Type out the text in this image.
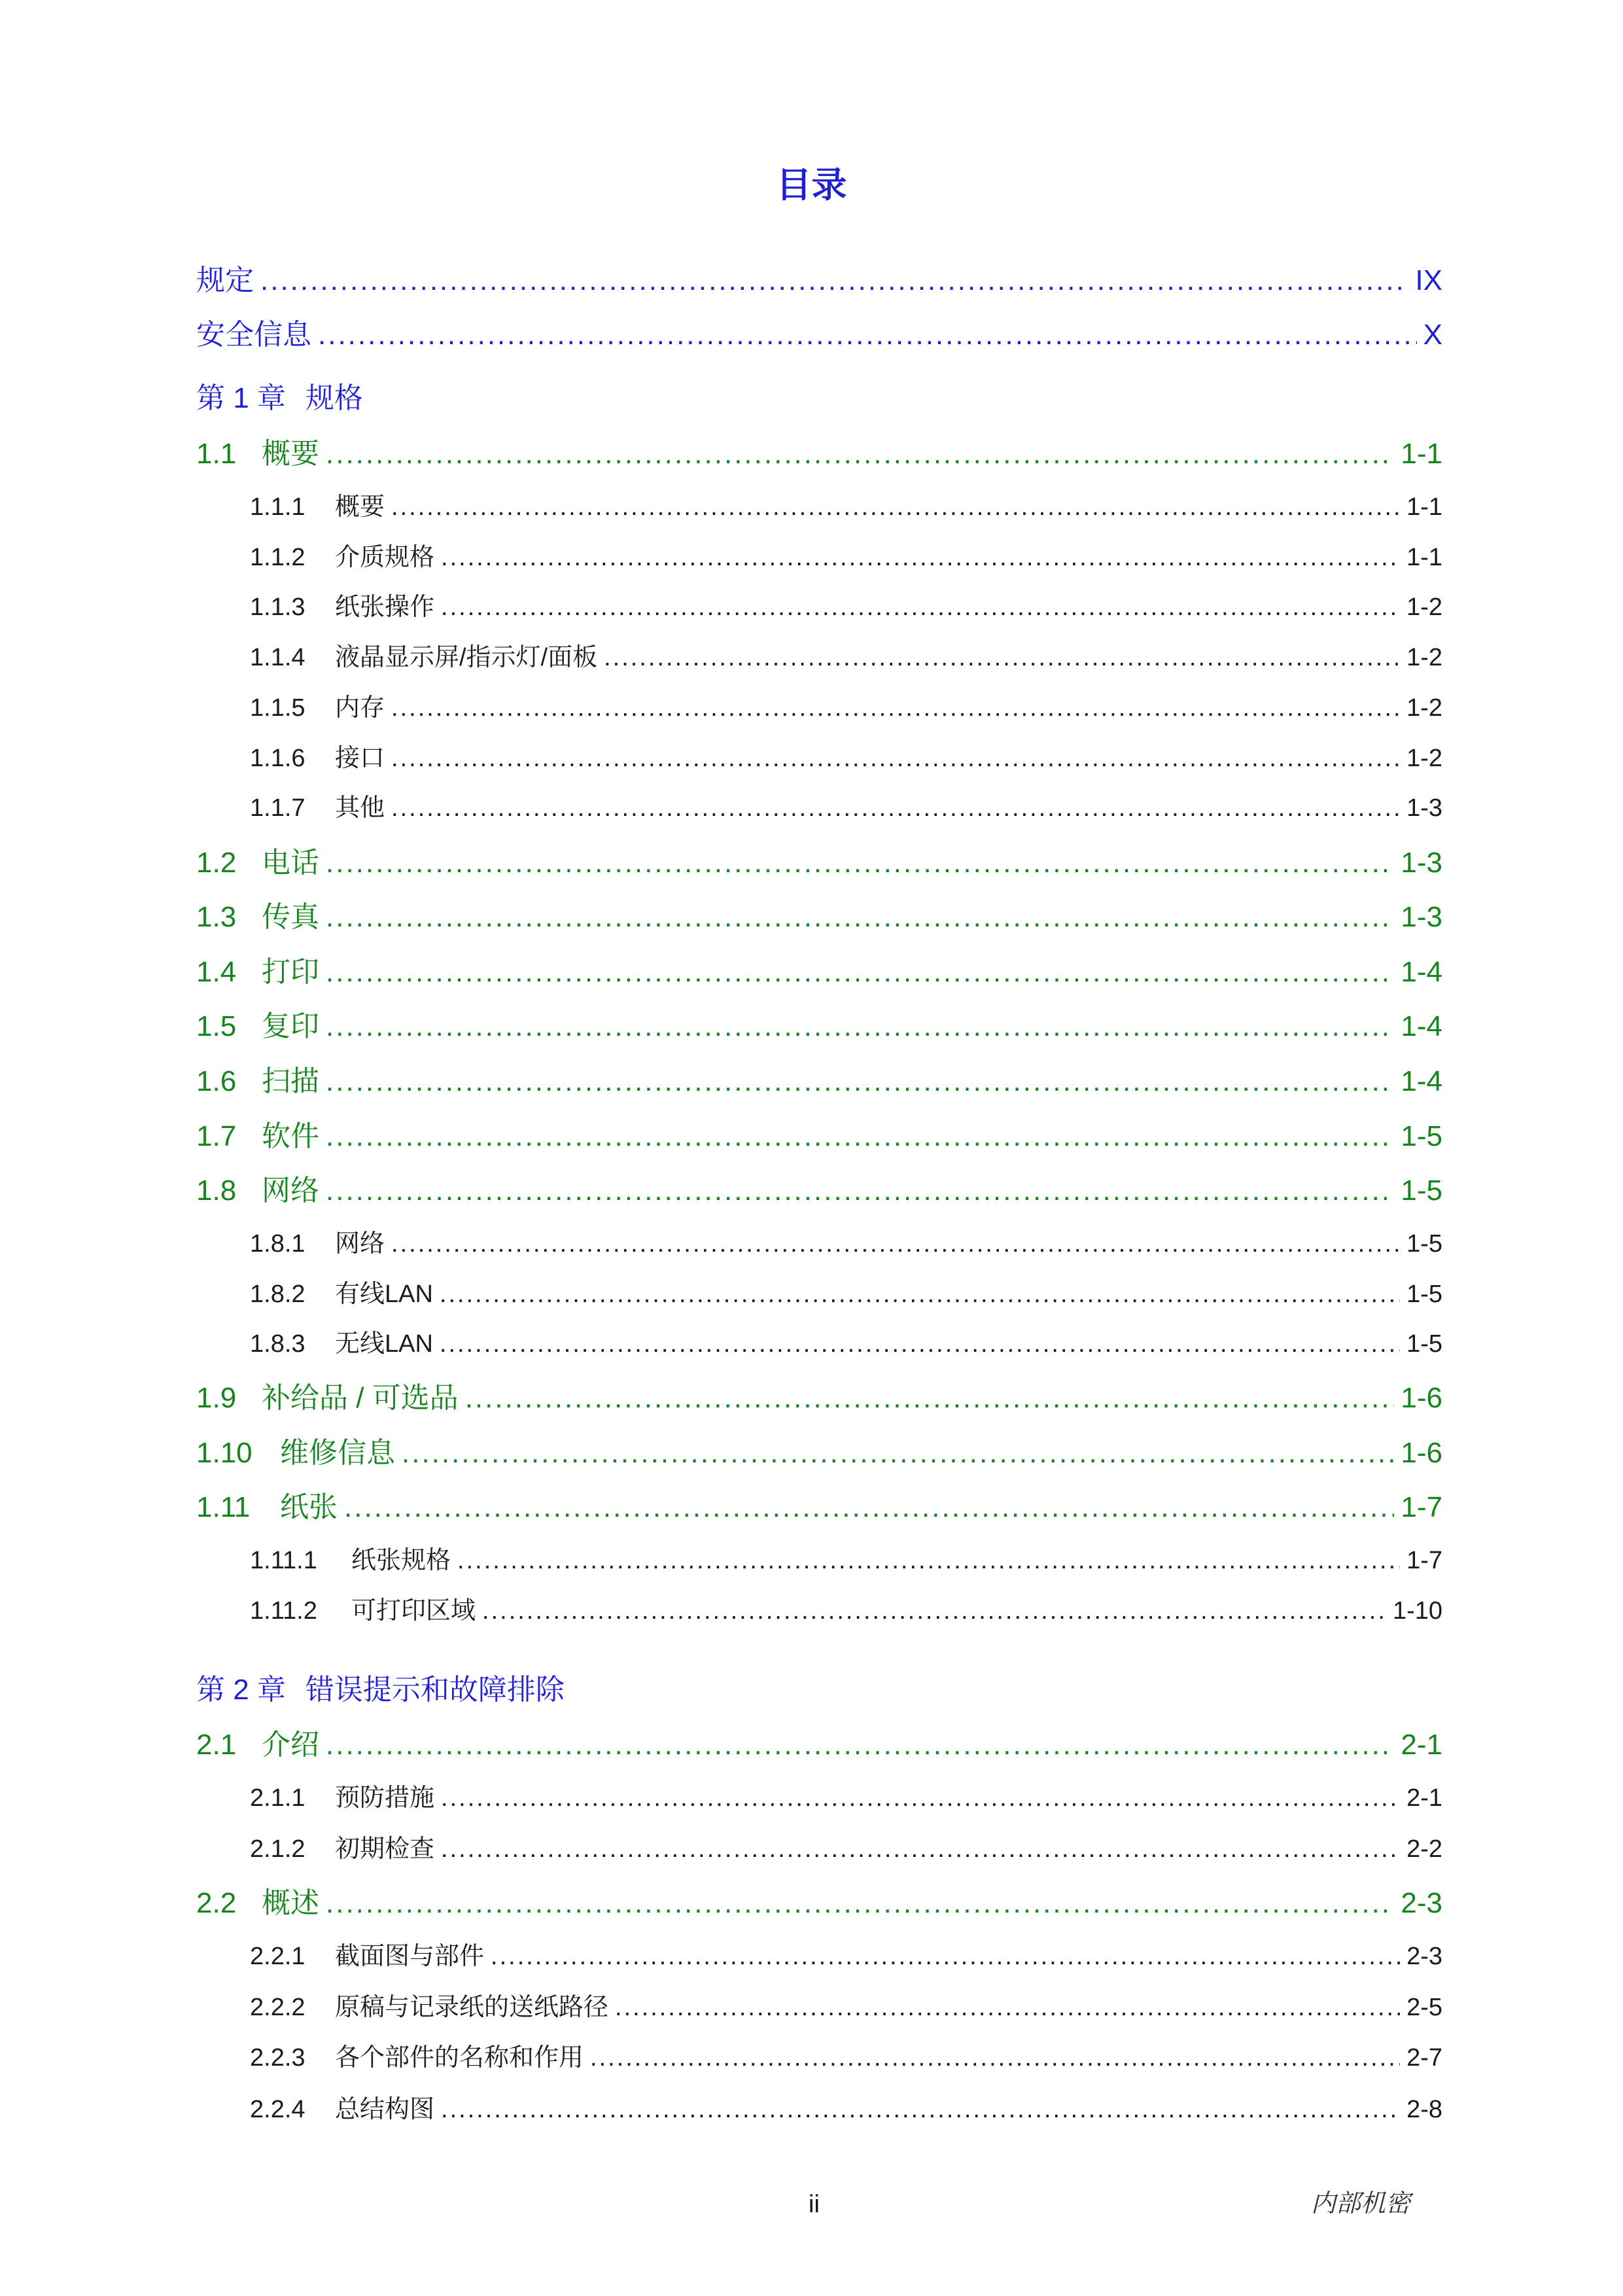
目录
规定 .....	IX
安全信息 .....	X
第 1 章 规格
1.1 概要 .....	1-1
1.1.1	概要 .....	1-1
1.1.2	介质规格 .....	1-1
1.1.3	纸张操作 .....	1-2
1.1.4	液晶显示屏/指示灯/面板 .....	1-2
1.1.5	内存 .....	1-2
1.1.6	接口 .....	1-2
1.1.7	其他 .....	1-3
1.2 电话 .....	1-3
1.3 传真 .....	1-3
1.4 打印 .....	1-4
1.5 复印 .....	1-4
1.6 扫描 .....	1-4
1.7 软件 .....	1-5
1.8 网络 .....	1-5
1.8.1	网络 .....	1-5
1.8.2	有线LAN .....	1-5
1.8.3	无线LAN .....	1-5
1.9 补给品 / 可选品 .....	1-6
1.10 维修信息 .....	1-6
1.11	纸张 .....	1-7
1.11.1	纸张规格 .....	1-7
1.11.2	可打印区域 .....	1-10
第 2 章 错误提示和故障排除
2.1 介绍 .....	2-1
2.1.1	预防措施 .....	2-1
2.1.2	初期检查 .....	2-2
2.2 概述 .....	2-3
2.2.1	截面图与部件 .....	2-3
2.2.2	原稿与记录纸的送纸路径 .....	2-5
2.2.3	各个部件的名称和作用 .....	2-7
2.2.4	总结构图 .....	2-8
ii	内部机密
